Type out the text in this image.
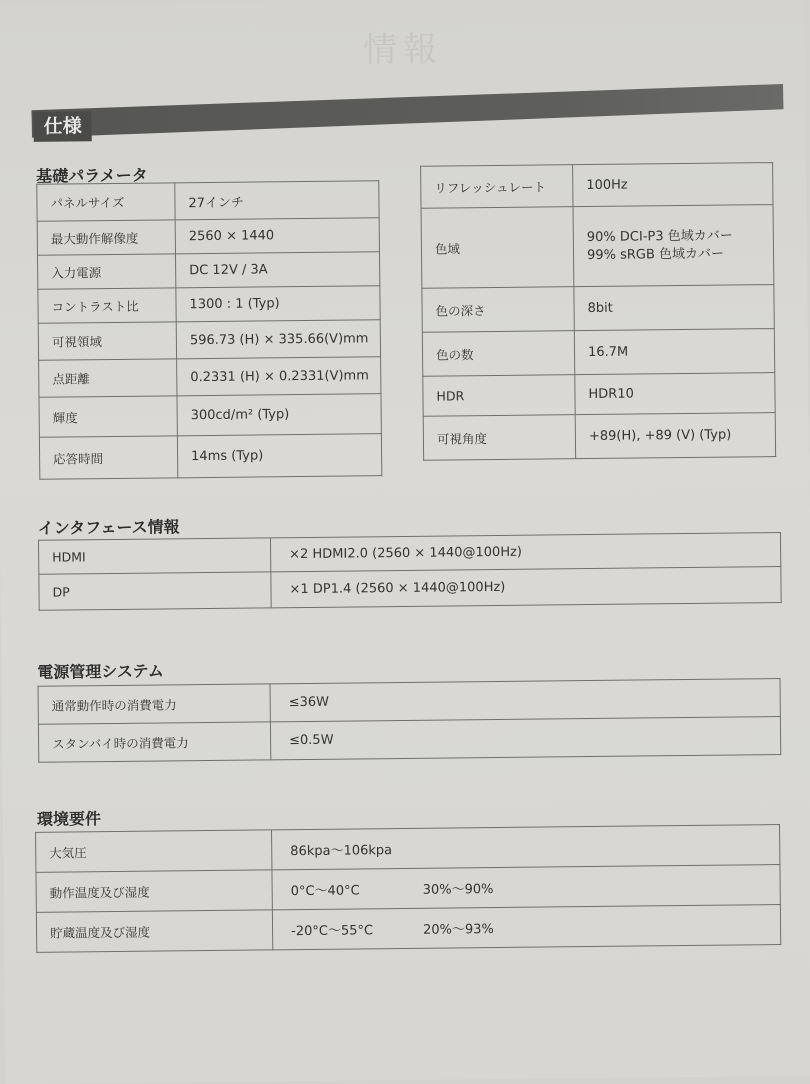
情報
仕様
基礎パラメータ
パネルサイズ	27インチ
最大動作解像度	2560 × 1440
入力電源	DC 12V / 3A
コントラスト比	1300 : 1 (Typ)
可視領域	596.73 (H) × 335.66(V)mm
点距離	0.2331 (H) × 0.2331(V)mm
輝度	300cd/m² (Typ)
応答時間	14ms (Typ)
リフレッシュレート	100Hz
色域	90% DCI-P3 色域カバー
99% sRGB 色域カバー

色の深さ	8bit
色の数	16.7M
HDR	HDR10
可視角度	+89(H), +89 (V) (Typ)
インタフェース情報
HDMI	×2 HDMI2.0 (2560 × 1440@100Hz)
DP	×1 DP1.4 (2560 × 1440@100Hz)
電源管理システム
通常動作時の消費電力	≤36W
スタンバイ時の消費電力	≤0.5W
環境要件
大気圧	86kpa～106kpa
動作温度及び湿度	0°C～40°C 30%～90%
貯蔵温度及び湿度	-20°C～55°C 20%～93%
